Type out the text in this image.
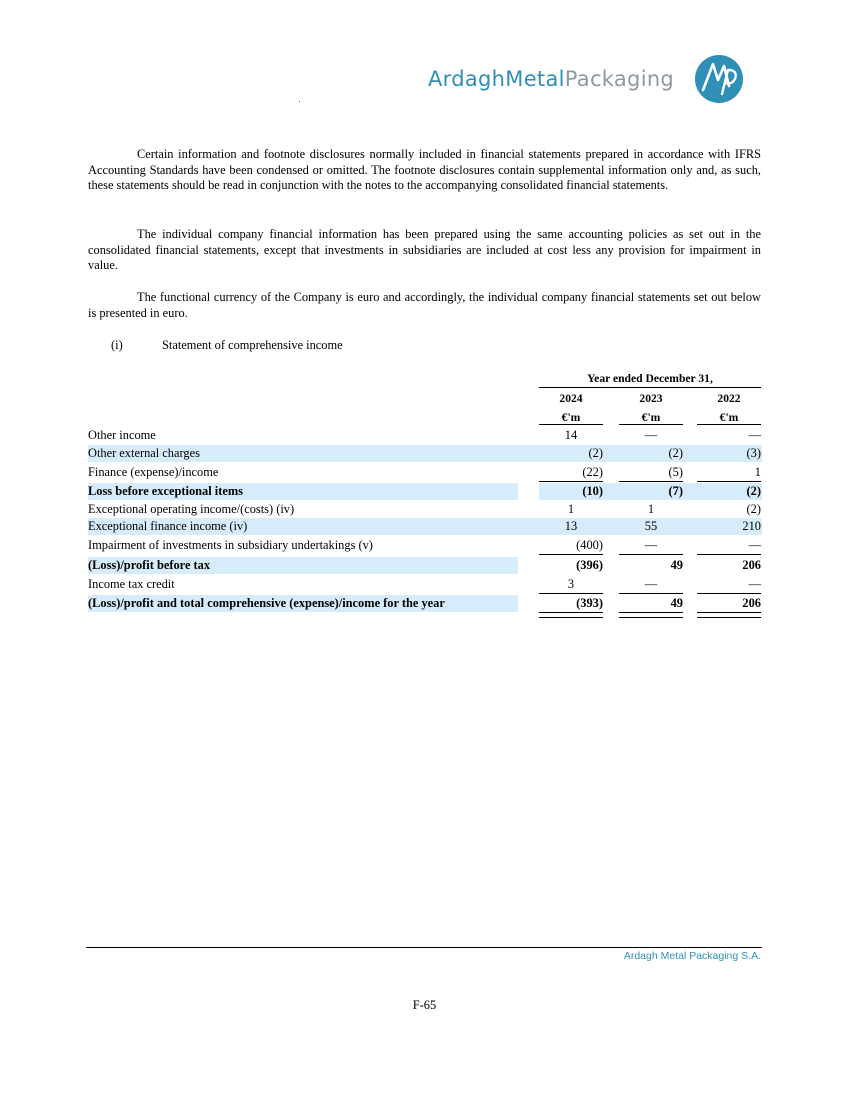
ArdaghMetalPackaging

Certain information and footnote disclosures normally included in financial statements prepared in accordance with IFRS Accounting Standards have been condensed or omitted. The footnote disclosures contain supplemental information only and, as such, these statements should be read in conjunction with the notes to the accompanying consolidated financial statements.

The individual company financial information has been prepared using the same accounting policies as set out in the consolidated financial statements, except that investments in subsidiaries are included at cost less any provision for impairment in value.

The functional currency of the Company is euro and accordingly, the individual company financial statements set out below is presented in euro.

(i)	Statement of comprehensive income
Year ended December 31,
2024	2023	2022
€'m	€'m	€'m
Other income	14	—	—
Other external charges	(2)	(2)	(3)
Finance (expense)/income	(22)	(5)	1
Loss before exceptional items	(10)	(7)	(2)
Exceptional operating income/(costs) (iv)	1	1	(2)
Exceptional finance income (iv)	13	55	210
Impairment of investments in subsidiary undertakings (v)	(400)	—	—
(Loss)/profit before tax	(396)	49	206
Income tax credit	3	—	—
(Loss)/profit and total comprehensive (expense)/income for the year	(393)	49	206
Ardagh Metal Packaging S.A.
F-65
